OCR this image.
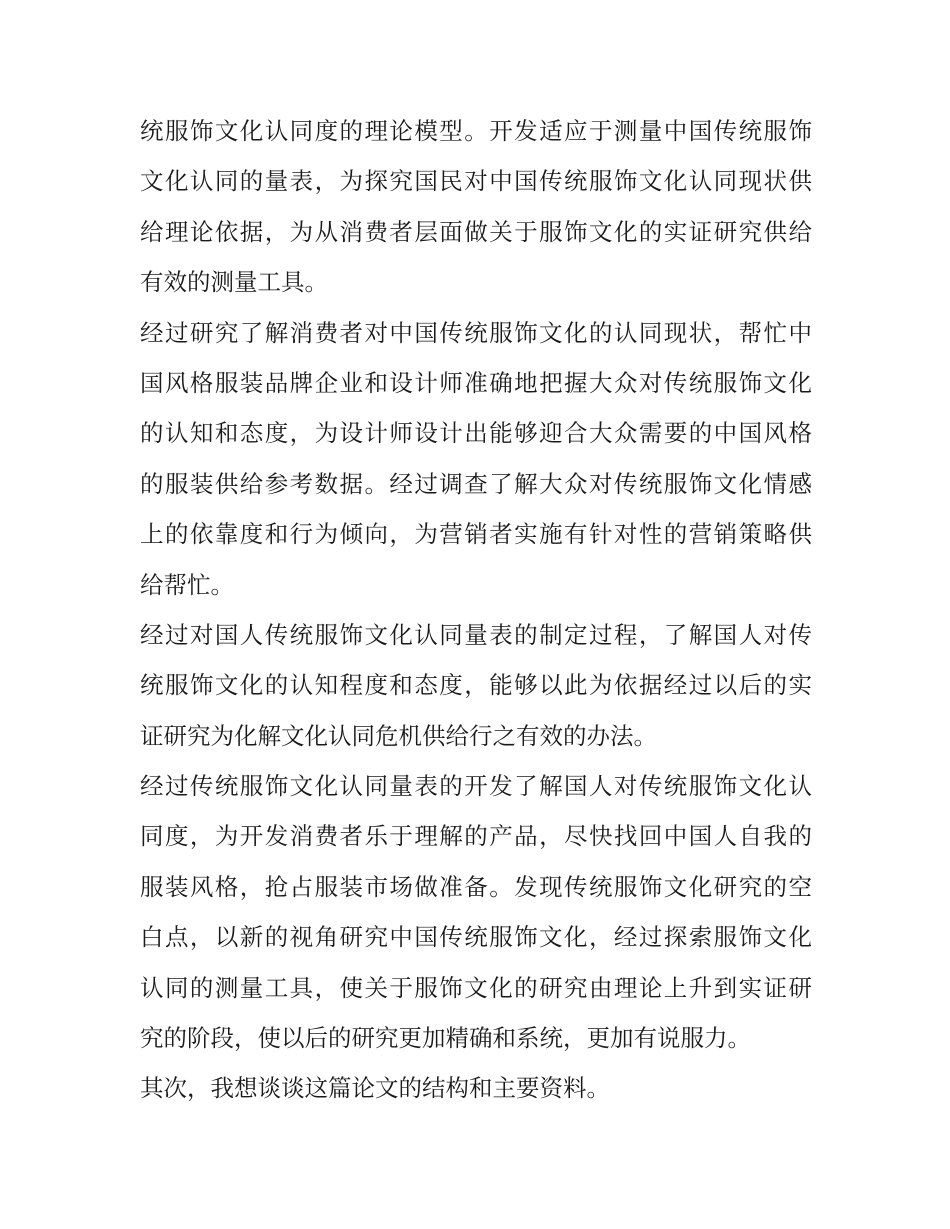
统服饰文化认同度的理论模型。开发适应于测量中国传统服饰
文化认同的量表，为探究国民对中国传统服饰文化认同现状供
给理论依据，为从消费者层面做关于服饰文化的实证研究供给
有效的测量工具。
经过研究了解消费者对中国传统服饰文化的认同现状，帮忙中
国风格服装品牌企业和设计师准确地把握大众对传统服饰文化
的认知和态度，为设计师设计出能够迎合大众需要的中国风格
的服装供给参考数据。经过调查了解大众对传统服饰文化情感
上的依靠度和行为倾向，为营销者实施有针对性的营销策略供
给帮忙。
经过对国人传统服饰文化认同量表的制定过程，了解国人对传
统服饰文化的认知程度和态度，能够以此为依据经过以后的实
证研究为化解文化认同危机供给行之有效的办法。
经过传统服饰文化认同量表的开发了解国人对传统服饰文化认
同度，为开发消费者乐于理解的产品，尽快找回中国人自我的
服装风格，抢占服装市场做准备。发现传统服饰文化研究的空
白点，以新的视角研究中国传统服饰文化，经过探索服饰文化
认同的测量工具，使关于服饰文化的研究由理论上升到实证研
究的阶段，使以后的研究更加精确和系统，更加有说服力。
其次，我想谈谈这篇论文的结构和主要资料。
